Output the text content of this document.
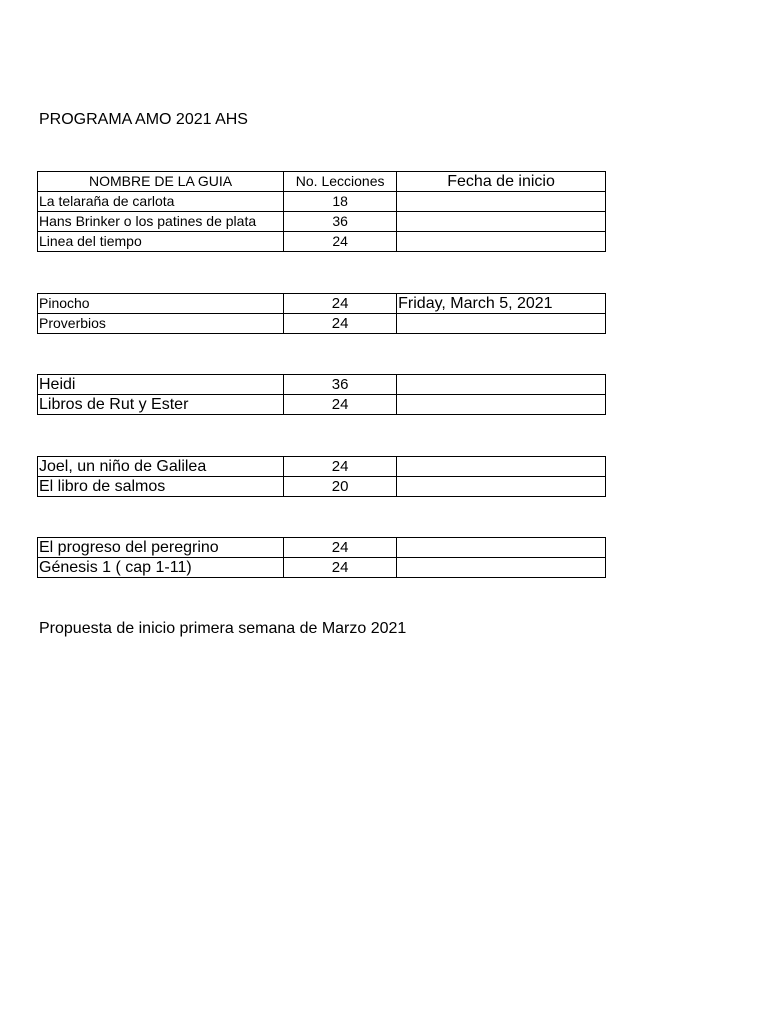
PROGRAMA AMO 2021 AHS
NOMBRE DE LA GUIA	No. Lecciones	Fecha de inicio
La telaraña de carlota	18	
Hans Brinker o los patines de plata	36	
Linea del tiempo	24	
Pinocho	24	Friday, March 5, 2021
Proverbios	24	
Heidi	36	
Libros de Rut y Ester	24	
Joel, un niño de Galilea	24	
El libro de salmos	20	
El progreso del peregrino	24	
Génesis 1 ( cap 1-11)	24	
Propuesta de inicio primera semana de Marzo 2021
